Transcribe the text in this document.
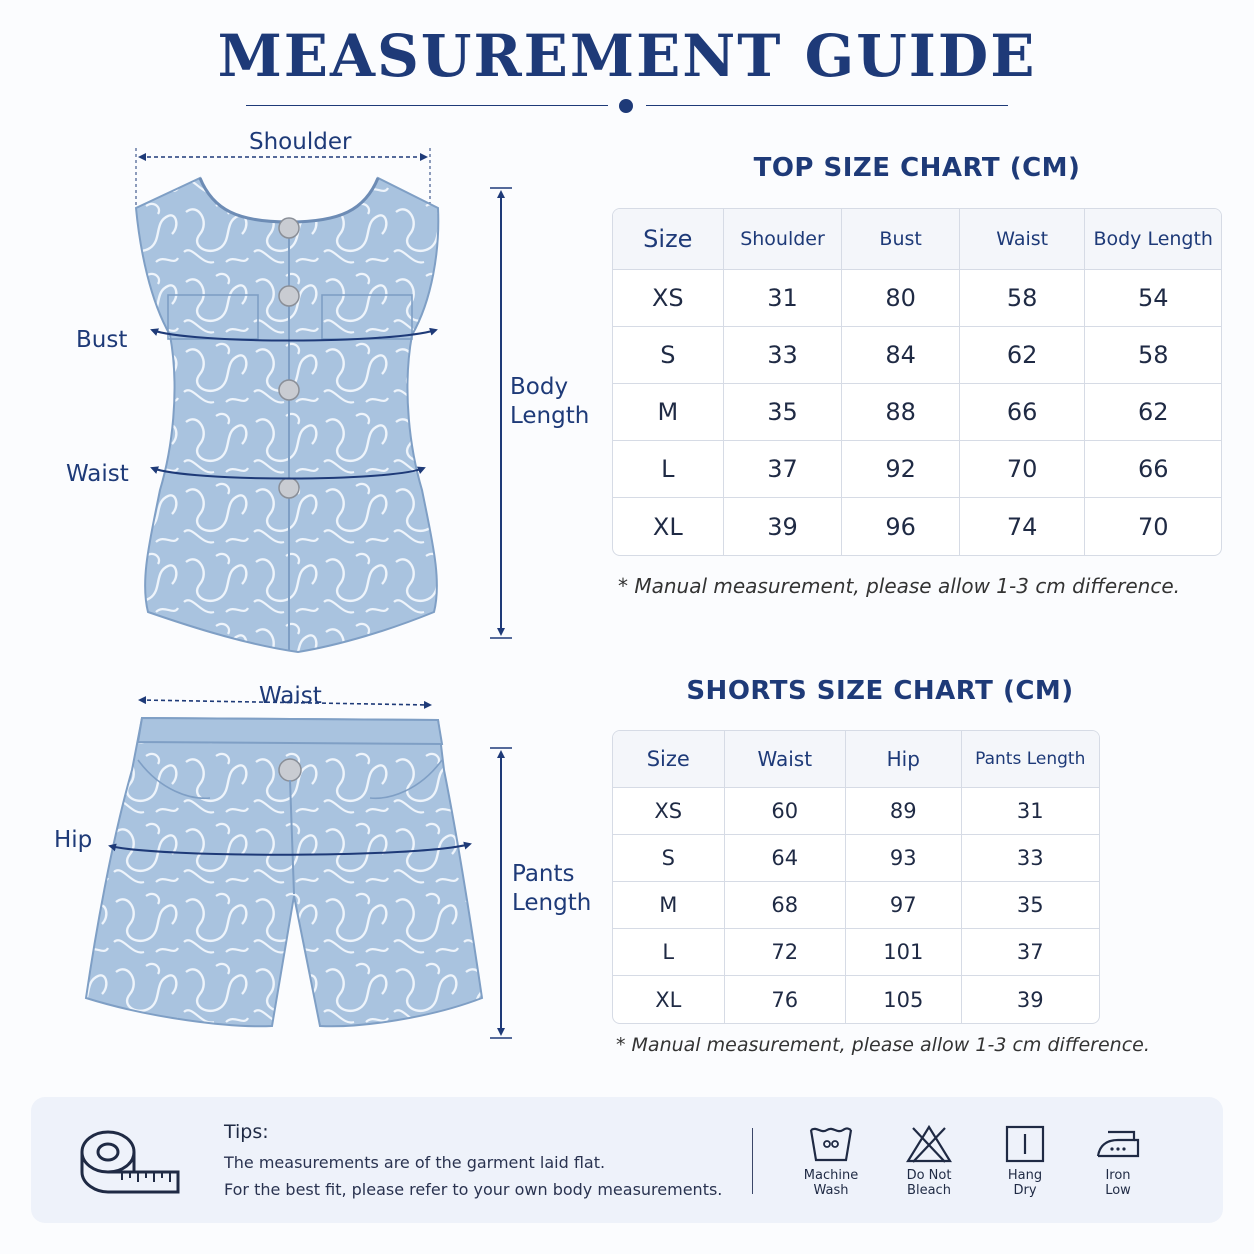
MEASUREMENT GUIDE
Shoulder
Bust
Waist
Body
Length
Waist
Hip
Pants
Length
TOP SIZE CHART (CM)
Size	Shoulder	Bust	Waist	Body Length
XS	31	80	58	54
S	33	84	62	58
M	35	88	66	62
L	37	92	70	66
XL	39	96	74	70
* Manual measurement, please allow 1-3 cm difference.
SHORTS SIZE CHART (CM)
Size	Waist	Hip	Pants Length
XS	60	89	31
S	64	93	33
M	68	97	35
L	72	101	37
XL	76	105	39
* Manual measurement, please allow 1-3 cm difference.
Tips:
The measurements are of the garment laid flat.
For the best fit, please refer to your own body measurements.
Machine
Wash
Do Not
Bleach
Hang
Dry
Iron
Low
